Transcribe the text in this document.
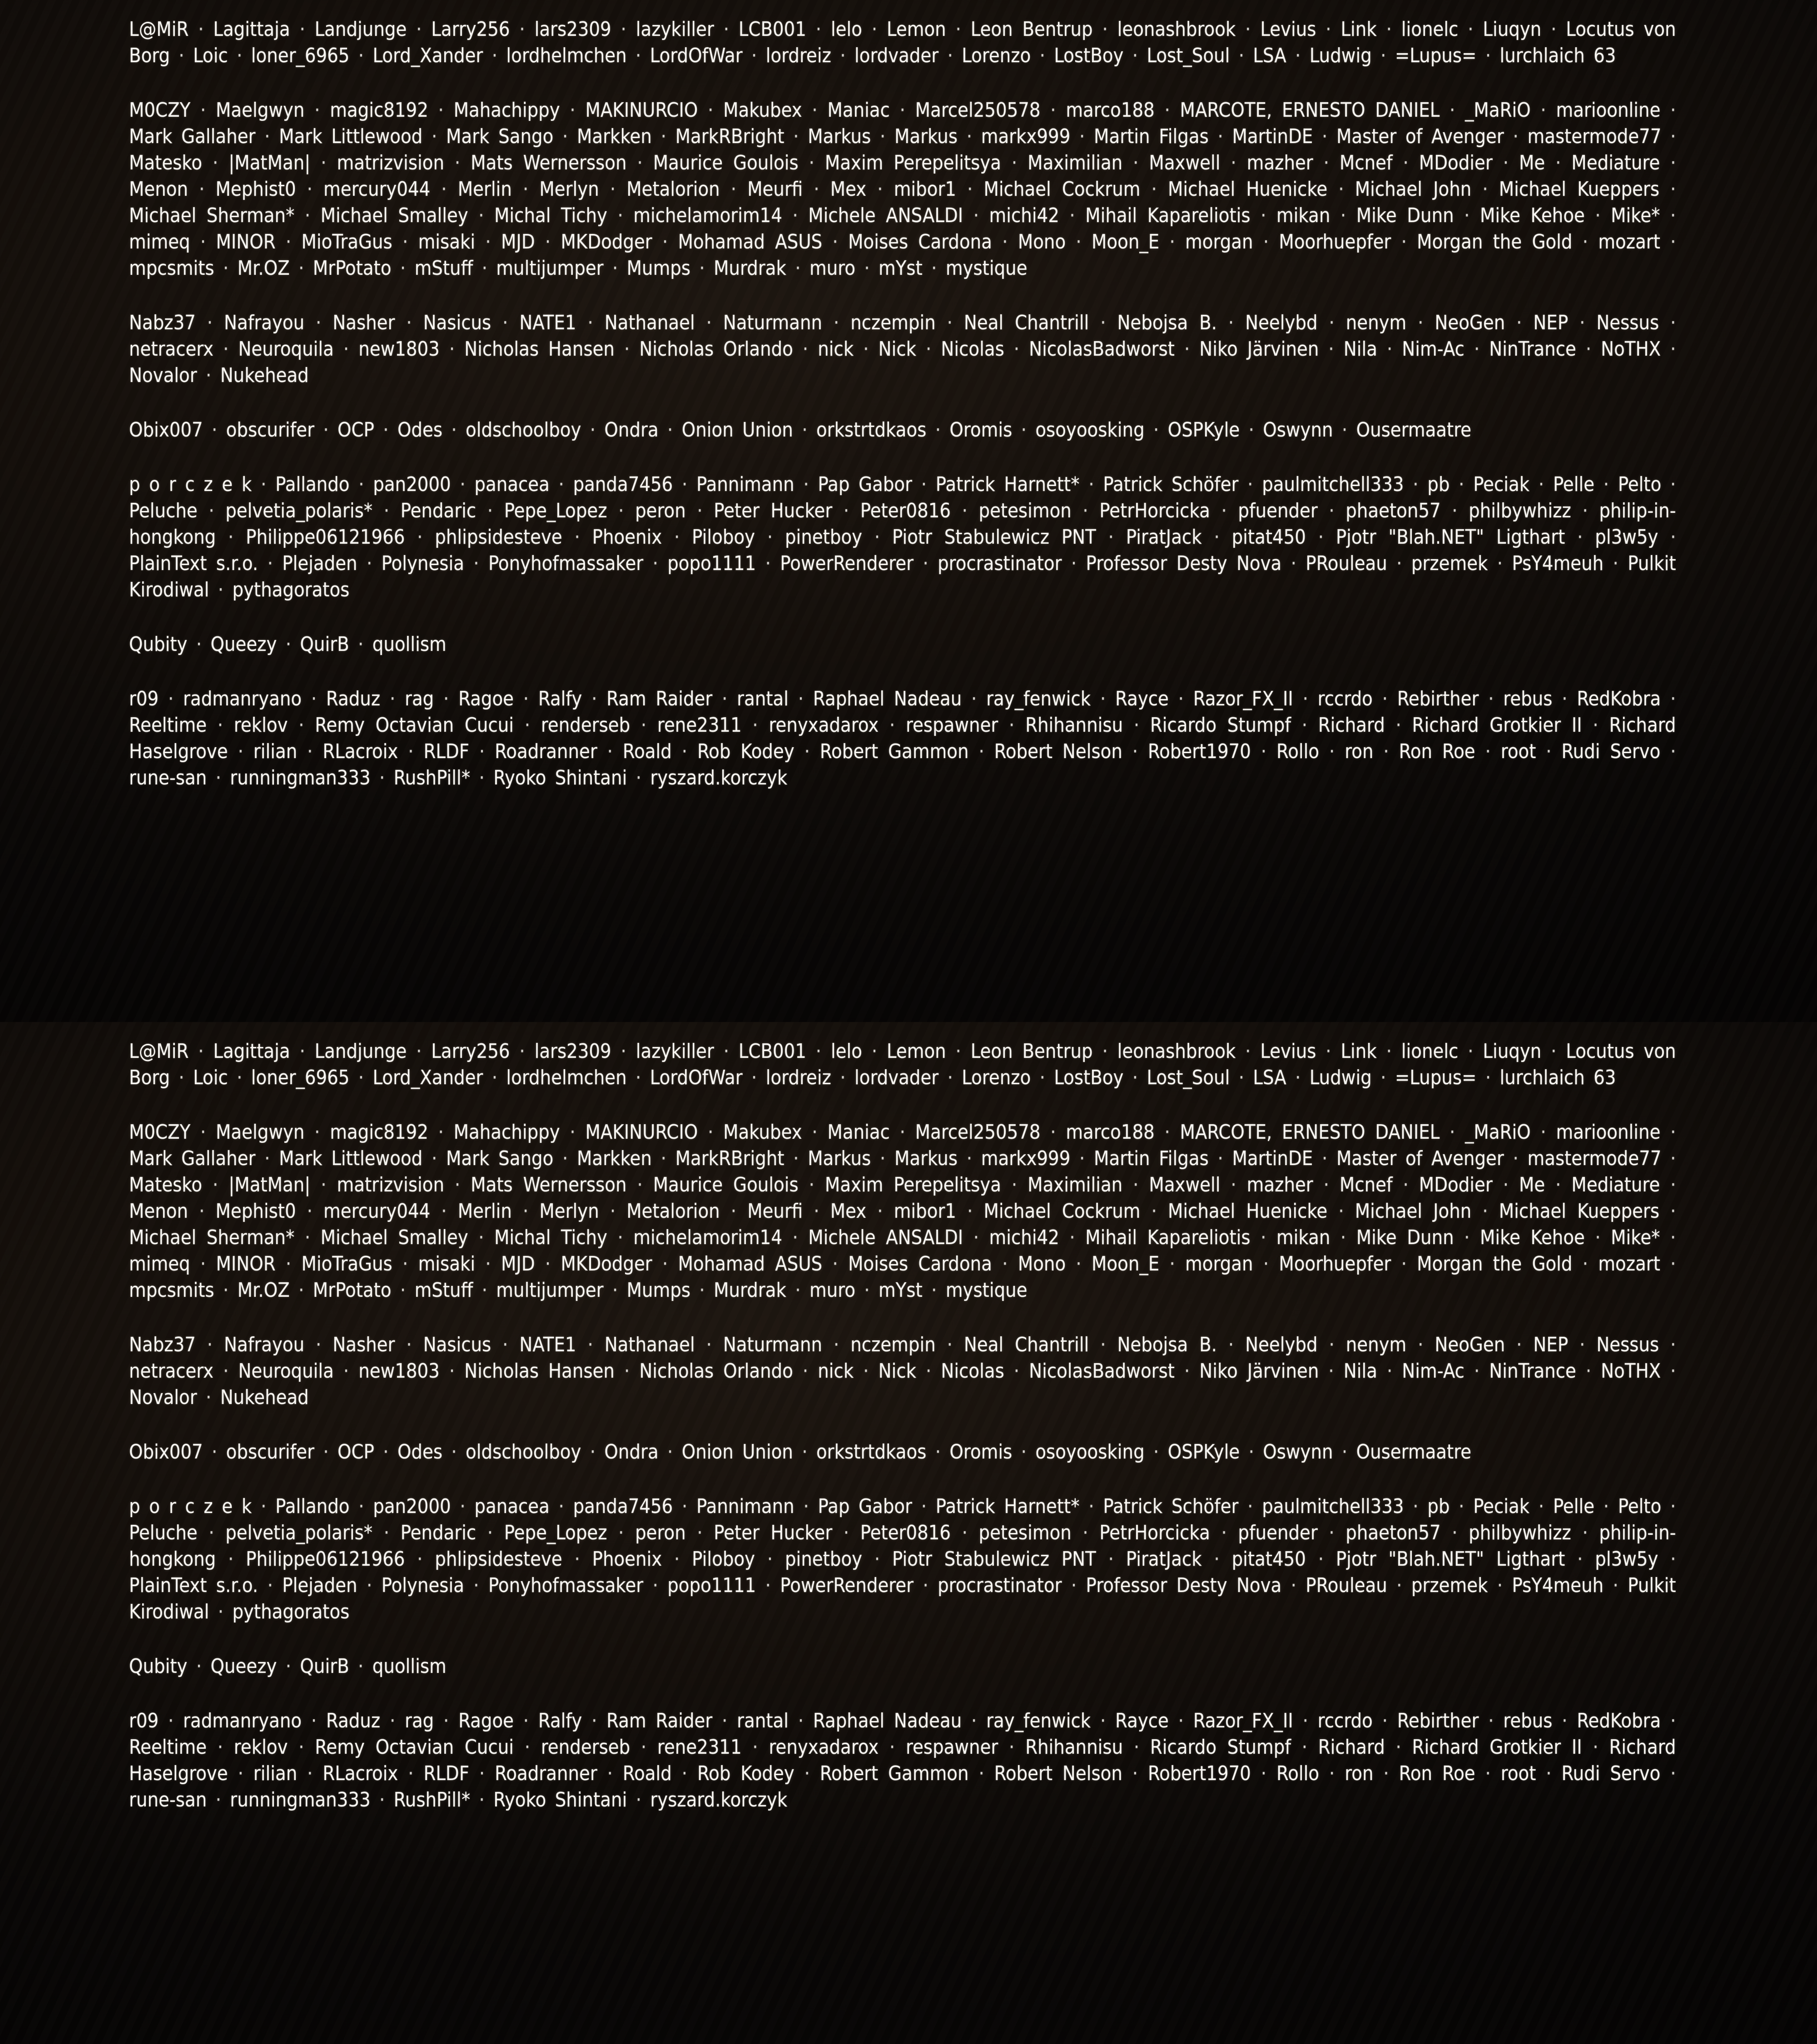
L@MiR · Lagittaja · Landjunge · Larry256 · lars2309 · lazykiller · LCB001 · lelo · Lemon · Leon Bentrup · leonashbrook · Levius · Link · lionelc · Liuqyn · Locutus von Borg · Loic · loner_6965 · Lord_Xander · lordhelmchen · LordOfWar · lordreiz · lordvader · Lorenzo · LostBoy · Lost_Soul · LSA · Ludwig · =Lupus= · lurchlaich 63

M0CZY · Maelgwyn · magic8192 · Mahachippy · MAKINURCIO · Makubex · Maniac · Marcel250578 · marco188 · MARCOTE, ERNESTO DANIEL · _MaRiO · marioonline · Mark Gallaher · Mark Littlewood · Mark Sango · Markken · MarkRBright · Markus · Markus · markx999 · Martin Filgas · MartinDE · Master of Avenger · mastermode77 · Matesko · |MatMan| · matrizvision · Mats Wernersson · Maurice Goulois · Maxim Perepelitsya · Maximilian · Maxwell · mazher · Mcnef · MDodier · Me · Mediature · Menon · Mephist0 · mercury044 · Merlin · Merlyn · Metalorion · Meurfi · Mex · mibor1 · Michael Cockrum · Michael Huenicke · Michael John · Michael Kueppers · Michael Sherman* · Michael Smalley · Michal Tichy · michelamorim14 · Michele ANSALDI · michi42 · Mihail Kapareliotis · mikan · Mike Dunn · Mike Kehoe · Mike* · mimeq · MINOR · MioTraGus · misaki · MJD · MKDodger · Mohamad ASUS · Moises Cardona · Mono · Moon_E · morgan · Moorhuepfer · Morgan the Gold · mozart · mpcsmits · Mr.OZ · MrPotato · mStuff · multijumper · Mumps · Murdrak · muro · mYst · mystique

Nabz37 · Nafrayou · Nasher · Nasicus · NATE1 · Nathanael · Naturmann · nczempin · Neal Chantrill · Nebojsa B. · Neelybd · nenym · NeoGen · NEP · Nessus · netracerx · Neuroquila · new1803 · Nicholas Hansen · Nicholas Orlando · nick · Nick · Nicolas · NicolasBadworst · Niko Järvinen · Nila · Nim-Ac · NinTrance · NoTHX · Novalor · Nukehead

Obix007 · obscurifer · OCP · Odes · oldschoolboy · Ondra · Onion Union · orkstrtdkaos · Oromis · osoyoosking · OSPKyle · Oswynn · Ousermaatre

p o r c z e k · Pallando · pan2000 · panacea · panda7456 · Pannimann · Pap Gabor · Patrick Harnett* · Patrick Schöfer · paulmitchell333 · pb · Peciak · Pelle · Pelto · Peluche · pelvetia_polaris* · Pendaric · Pepe_Lopez · peron · Peter Hucker · Peter0816 · petesimon · PetrHorcicka · pfuender · phaeton57 · philbywhizz · philip-in-hongkong · Philippe06121966 · phlipsidesteve · Phoenix · Piloboy · pinetboy · Piotr Stabulewicz PNT · PiratJack · pitat450 · Pjotr "Blah.NET" Ligthart · pl3w5y · PlainText s.r.o. · Plejaden · Polynesia · Ponyhofmassaker · popo1111 · PowerRenderer · procrastinator · Professor Desty Nova · PRouleau · przemek · PsY4meuh · Pulkit Kirodiwal · pythagoratos

Qubity · Queezy · QuirB · quollism

r09 · radmanryano · Raduz · rag · Ragoe · Ralfy · Ram Raider · rantal · Raphael Nadeau · ray_fenwick · Rayce · Razor_FX_II · rccrdo · Rebirther · rebus · RedKobra · Reeltime · reklov · Remy Octavian Cucui · renderseb · rene2311 · renyxadarox · respawner · Rhihannisu · Ricardo Stumpf · Richard · Richard Grotkier II · Richard Haselgrove · rilian · RLacroix · RLDF · Roadranner · Roald · Rob Kodey · Robert Gammon · Robert Nelson · Robert1970 · Rollo · ron · Ron Roe · root · Rudi Servo · rune-san · runningman333 · RushPill* · Ryoko Shintani · ryszard.korczyk

L@MiR · Lagittaja · Landjunge · Larry256 · lars2309 · lazykiller · LCB001 · lelo · Lemon · Leon Bentrup · leonashbrook · Levius · Link · lionelc · Liuqyn · Locutus von Borg · Loic · loner_6965 · Lord_Xander · lordhelmchen · LordOfWar · lordreiz · lordvader · Lorenzo · LostBoy · Lost_Soul · LSA · Ludwig · =Lupus= · lurchlaich 63

M0CZY · Maelgwyn · magic8192 · Mahachippy · MAKINURCIO · Makubex · Maniac · Marcel250578 · marco188 · MARCOTE, ERNESTO DANIEL · _MaRiO · marioonline · Mark Gallaher · Mark Littlewood · Mark Sango · Markken · MarkRBright · Markus · Markus · markx999 · Martin Filgas · MartinDE · Master of Avenger · mastermode77 · Matesko · |MatMan| · matrizvision · Mats Wernersson · Maurice Goulois · Maxim Perepelitsya · Maximilian · Maxwell · mazher · Mcnef · MDodier · Me · Mediature · Menon · Mephist0 · mercury044 · Merlin · Merlyn · Metalorion · Meurfi · Mex · mibor1 · Michael Cockrum · Michael Huenicke · Michael John · Michael Kueppers · Michael Sherman* · Michael Smalley · Michal Tichy · michelamorim14 · Michele ANSALDI · michi42 · Mihail Kapareliotis · mikan · Mike Dunn · Mike Kehoe · Mike* · mimeq · MINOR · MioTraGus · misaki · MJD · MKDodger · Mohamad ASUS · Moises Cardona · Mono · Moon_E · morgan · Moorhuepfer · Morgan the Gold · mozart · mpcsmits · Mr.OZ · MrPotato · mStuff · multijumper · Mumps · Murdrak · muro · mYst · mystique

Nabz37 · Nafrayou · Nasher · Nasicus · NATE1 · Nathanael · Naturmann · nczempin · Neal Chantrill · Nebojsa B. · Neelybd · nenym · NeoGen · NEP · Nessus · netracerx · Neuroquila · new1803 · Nicholas Hansen · Nicholas Orlando · nick · Nick · Nicolas · NicolasBadworst · Niko Järvinen · Nila · Nim-Ac · NinTrance · NoTHX · Novalor · Nukehead

Obix007 · obscurifer · OCP · Odes · oldschoolboy · Ondra · Onion Union · orkstrtdkaos · Oromis · osoyoosking · OSPKyle · Oswynn · Ousermaatre

p o r c z e k · Pallando · pan2000 · panacea · panda7456 · Pannimann · Pap Gabor · Patrick Harnett* · Patrick Schöfer · paulmitchell333 · pb · Peciak · Pelle · Pelto · Peluche · pelvetia_polaris* · Pendaric · Pepe_Lopez · peron · Peter Hucker · Peter0816 · petesimon · PetrHorcicka · pfuender · phaeton57 · philbywhizz · philip-in-hongkong · Philippe06121966 · phlipsidesteve · Phoenix · Piloboy · pinetboy · Piotr Stabulewicz PNT · PiratJack · pitat450 · Pjotr "Blah.NET" Ligthart · pl3w5y · PlainText s.r.o. · Plejaden · Polynesia · Ponyhofmassaker · popo1111 · PowerRenderer · procrastinator · Professor Desty Nova · PRouleau · przemek · PsY4meuh · Pulkit Kirodiwal · pythagoratos

Qubity · Queezy · QuirB · quollism

r09 · radmanryano · Raduz · rag · Ragoe · Ralfy · Ram Raider · rantal · Raphael Nadeau · ray_fenwick · Rayce · Razor_FX_II · rccrdo · Rebirther · rebus · RedKobra · Reeltime · reklov · Remy Octavian Cucui · renderseb · rene2311 · renyxadarox · respawner · Rhihannisu · Ricardo Stumpf · Richard · Richard Grotkier II · Richard Haselgrove · rilian · RLacroix · RLDF · Roadranner · Roald · Rob Kodey · Robert Gammon · Robert Nelson · Robert1970 · Rollo · ron · Ron Roe · root · Rudi Servo · rune-san · runningman333 · RushPill* · Ryoko Shintani · ryszard.korczyk
